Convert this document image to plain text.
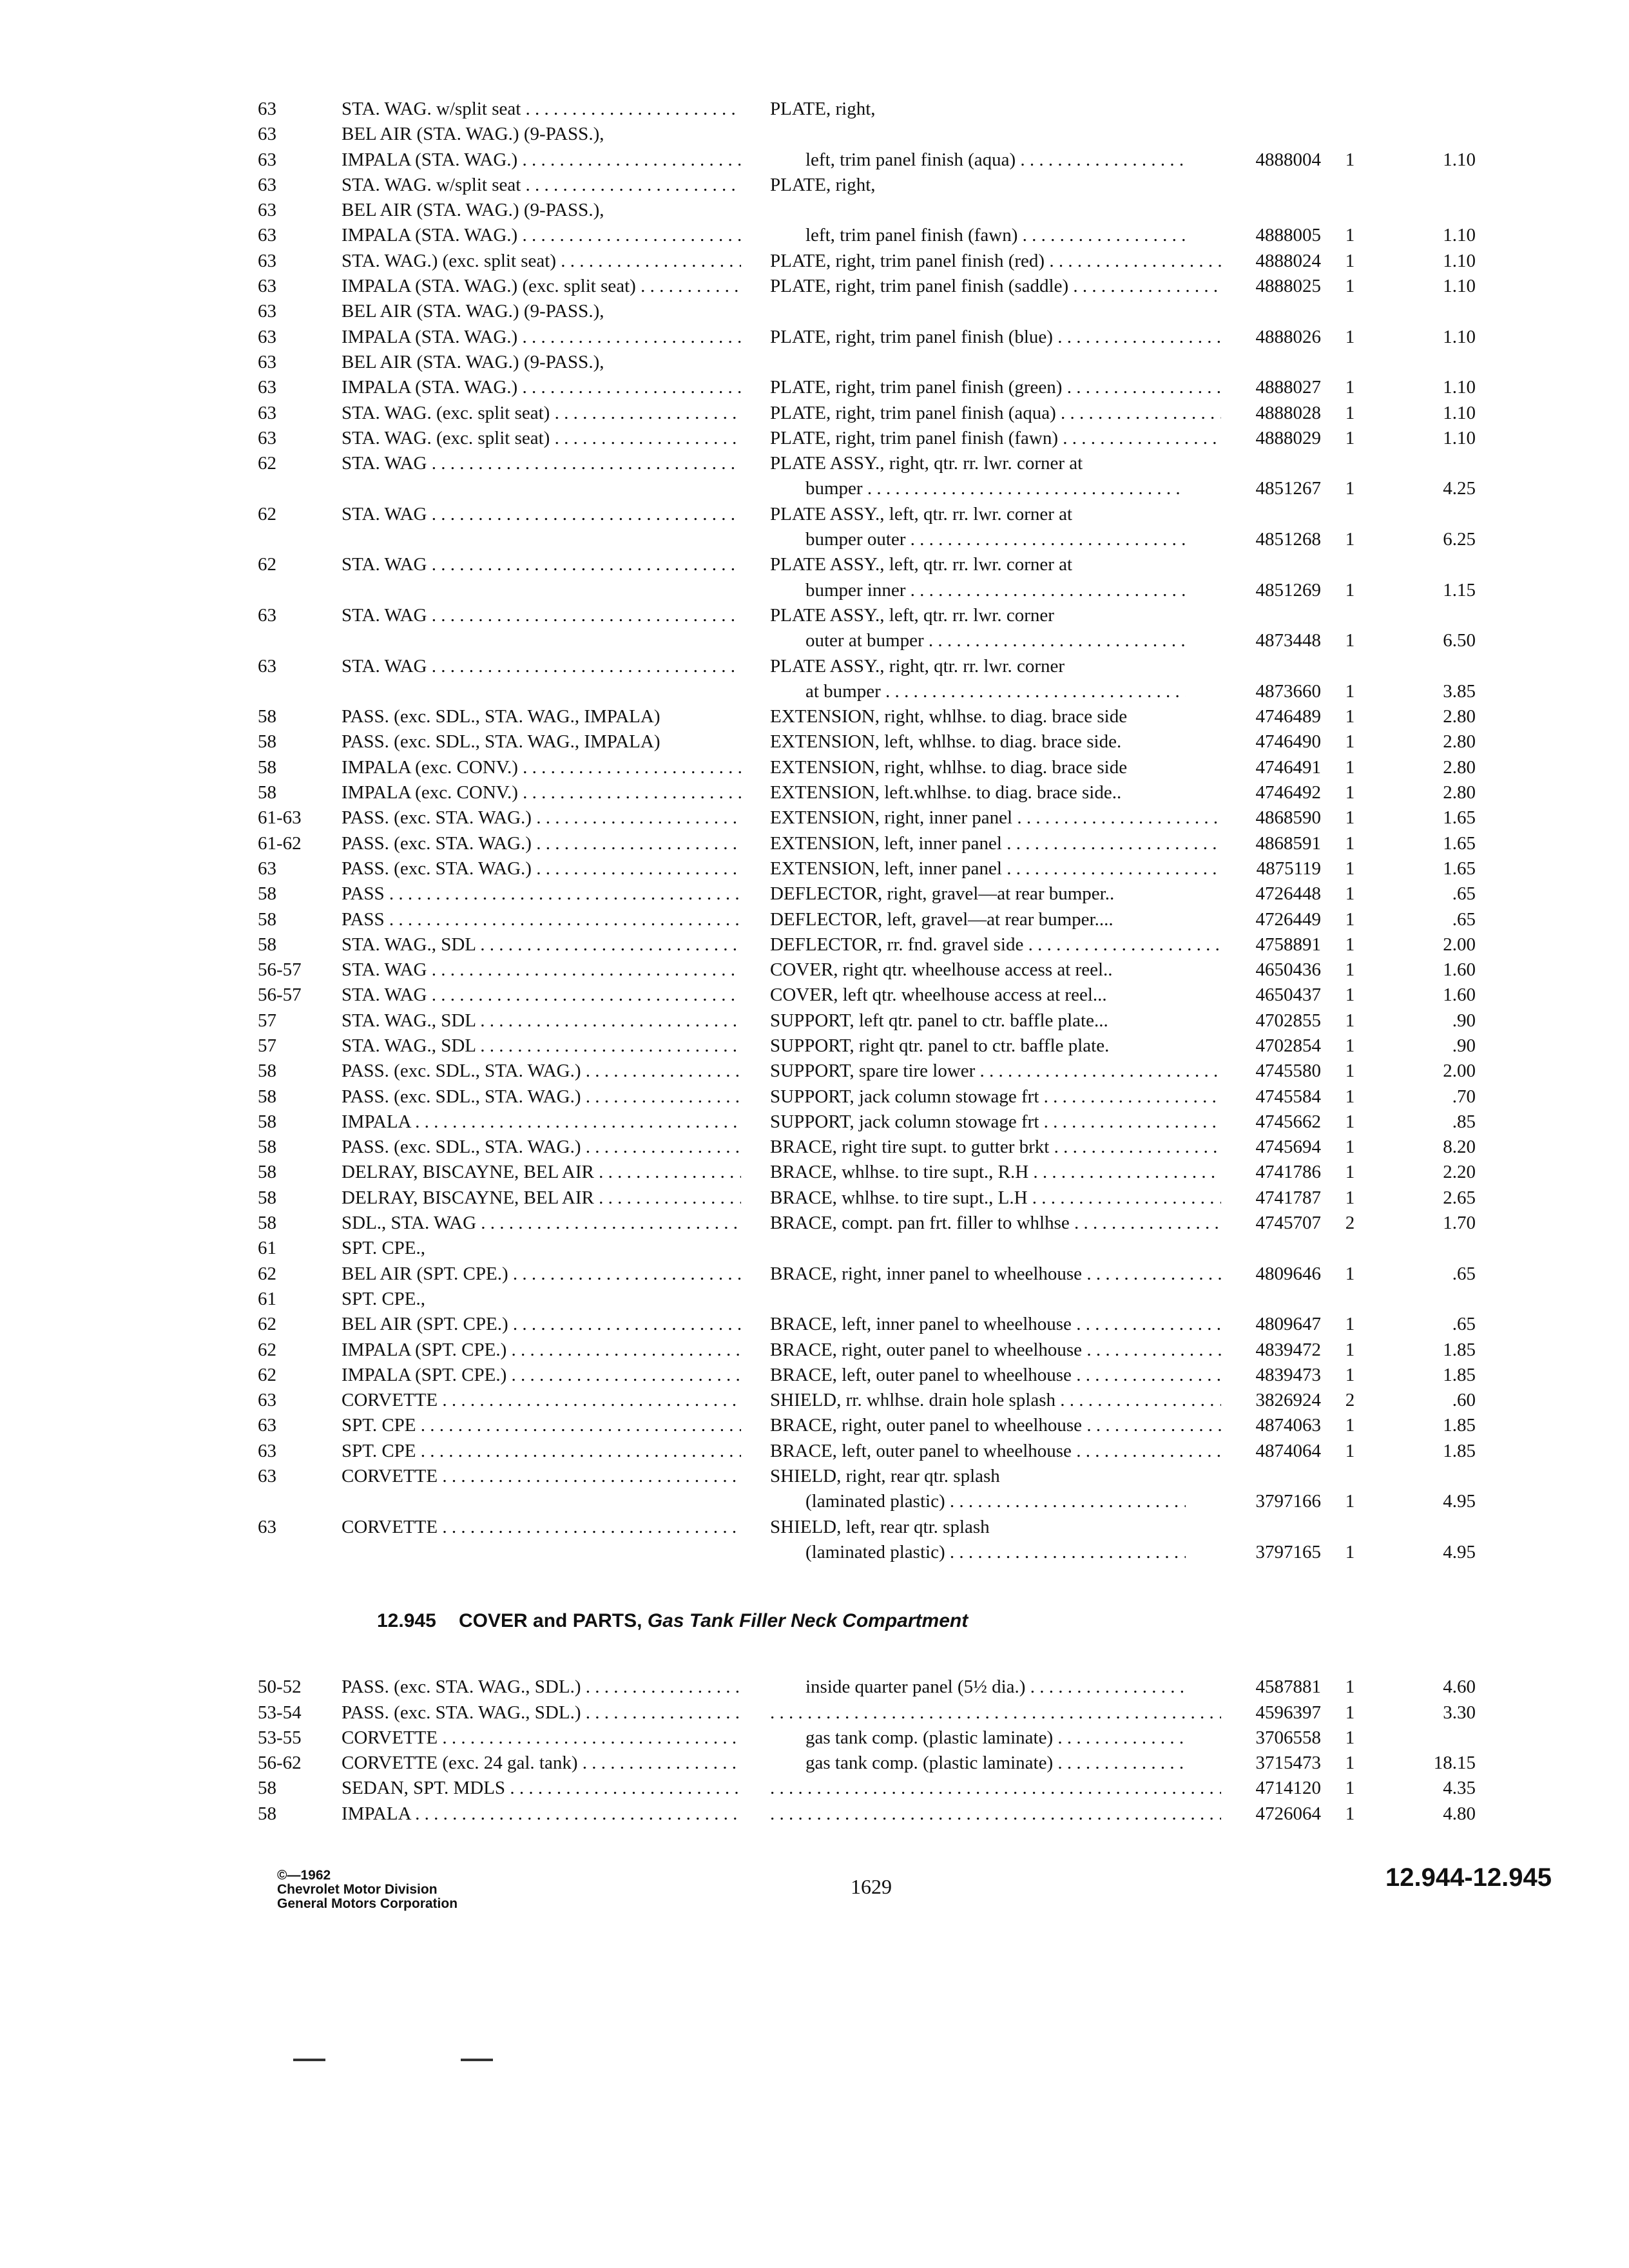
63	STA. WAG. w/split seat . . .	PLATE, right,
63	BEL AIR (STA. WAG.) (9-PASS.),
63	IMPALA (STA. WAG.) . . .	left, trim panel finish (aqua) . . .	4888004	1	1.10
63	STA. WAG. w/split seat . . .	PLATE, right,
63	BEL AIR (STA. WAG.) (9-PASS.),
63	IMPALA (STA. WAG.) . . .	left, trim panel finish (fawn) . . .	4888005	1	1.10
63	STA. WAG.) (exc. split seat) . . .	PLATE, right, trim panel finish (red) . . .	4888024	1	1.10
63	IMPALA (STA. WAG.) (exc. split seat) . . .	PLATE, right, trim panel finish (saddle) . . .	4888025	1	1.10
63	BEL AIR (STA. WAG.) (9-PASS.),
63	IMPALA (STA. WAG.) . . .	PLATE, right, trim panel finish (blue) . . .	4888026	1	1.10
63	BEL AIR (STA. WAG.) (9-PASS.),
63	IMPALA (STA. WAG.) . . .	PLATE, right, trim panel finish (green) . . .	4888027	1	1.10
63	STA. WAG. (exc. split seat) . . .	PLATE, right, trim panel finish (aqua) . . .	4888028	1	1.10
63	STA. WAG. (exc. split seat) . . .	PLATE, right, trim panel finish (fawn) . . .	4888029	1	1.10
62	STA. WAG . . .	PLATE ASSY., right, qtr. rr. lwr. corner at
bumper . . .	4851267	1	4.25
62	STA. WAG . . .	PLATE ASSY., left, qtr. rr. lwr. corner at
bumper outer . . .	4851268	1	6.25
62	STA. WAG . . .	PLATE ASSY., left, qtr. rr. lwr. corner at
bumper inner . . .	4851269	1	1.15
63	STA. WAG . . .	PLATE ASSY., left, qtr. rr. lwr. corner
outer at bumper . . .	4873448	1	6.50
63	STA. WAG . . .	PLATE ASSY., right, qtr. rr. lwr. corner
at bumper . . .	4873660	1	3.85
58	PASS. (exc. SDL., STA. WAG., IMPALA)	EXTENSION, right, whlhse. to diag. brace side	4746489	1	2.80
58	PASS. (exc. SDL., STA. WAG., IMPALA)	EXTENSION, left, whlhse. to diag. brace side.	4746490	1	2.80
58	IMPALA (exc. CONV.) . . .	EXTENSION, right, whlhse. to diag. brace side	4746491	1	2.80
58	IMPALA (exc. CONV.) . . .	EXTENSION, left.whlhse. to diag. brace side..	4746492	1	2.80
61-63	PASS. (exc. STA. WAG.) . . .	EXTENSION, right, inner panel . . .	4868590	1	1.65
61-62	PASS. (exc. STA. WAG.) . . .	EXTENSION, left, inner panel . . .	4868591	1	1.65
63	PASS. (exc. STA. WAG.) . . .	EXTENSION, left, inner panel . . .	4875119	1	1.65
58	PASS . . .	DEFLECTOR, right, gravel—at rear bumper..	4726448	1	.65
58	PASS . . .	DEFLECTOR, left, gravel—at rear bumper....	4726449	1	.65
58	STA. WAG., SDL . . .	DEFLECTOR, rr. fnd. gravel side . . .	4758891	1	2.00
56-57	STA. WAG . . .	COVER, right qtr. wheelhouse access at reel..	4650436	1	1.60
56-57	STA. WAG . . .	COVER, left qtr. wheelhouse access at reel...	4650437	1	1.60
57	STA. WAG., SDL . . .	SUPPORT, left qtr. panel to ctr. baffle plate...	4702855	1	.90
57	STA. WAG., SDL . . .	SUPPORT, right qtr. panel to ctr. baffle plate.	4702854	1	.90
58	PASS. (exc. SDL., STA. WAG.) . . .	SUPPORT, spare tire lower . . .	4745580	1	2.00
58	PASS. (exc. SDL., STA. WAG.) . . .	SUPPORT, jack column stowage frt . . .	4745584	1	.70
58	IMPALA . . .	SUPPORT, jack column stowage frt . . .	4745662	1	.85
58	PASS. (exc. SDL., STA. WAG.) . . .	BRACE, right tire supt. to gutter brkt . . .	4745694	1	8.20
58	DELRAY, BISCAYNE, BEL AIR . . .	BRACE, whlhse. to tire supt., R.H . . .	4741786	1	2.20
58	DELRAY, BISCAYNE, BEL AIR . . .	BRACE, whlhse. to tire supt., L.H . . .	4741787	1	2.65
58	SDL., STA. WAG . . .	BRACE, compt. pan frt. filler to whlhse . . .	4745707	2	1.70
61	SPT. CPE.,
62	BEL AIR (SPT. CPE.) . . .	BRACE, right, inner panel to wheelhouse . . .	4809646	1	.65
61	SPT. CPE.,
62	BEL AIR (SPT. CPE.) . . .	BRACE, left, inner panel to wheelhouse . . .	4809647	1	.65
62	IMPALA (SPT. CPE.) . . .	BRACE, right, outer panel to wheelhouse . . .	4839472	1	1.85
62	IMPALA (SPT. CPE.) . . .	BRACE, left, outer panel to wheelhouse . . .	4839473	1	1.85
63	CORVETTE . . .	SHIELD, rr. whlhse. drain hole splash . . .	3826924	2	.60
63	SPT. CPE . . .	BRACE, right, outer panel to wheelhouse . . .	4874063	1	1.85
63	SPT. CPE . . .	BRACE, left, outer panel to wheelhouse . . .	4874064	1	1.85
63	CORVETTE . . .	SHIELD, right, rear qtr. splash
(laminated plastic) . . .	3797166	1	4.95
63	CORVETTE . . .	SHIELD, left, rear qtr. splash
(laminated plastic) . . .	3797165	1	4.95
12.945 COVER and PARTS, Gas Tank Filler Neck Compartment
50-52	PASS. (exc. STA. WAG., SDL.) . . .	inside quarter panel (5½ dia.) . . .	4587881	1	4.60
53-54	PASS. (exc. STA. WAG., SDL.) . . . . . .	4596397	1	3.30
53-55	CORVETTE . . .	gas tank comp. (plastic laminate) . . .	3706558	1
56-62	CORVETTE (exc. 24 gal. tank) . . .	gas tank comp. (plastic laminate) . . .	3715473	1	18.15
58	SEDAN, SPT. MDLS . . . . . .	4714120	1	4.35
58	IMPALA . . . . . .	4726064	1	4.80
©—1962
Chevrolet Motor Division
General Motors Corporation
1629	12.944-12.945
